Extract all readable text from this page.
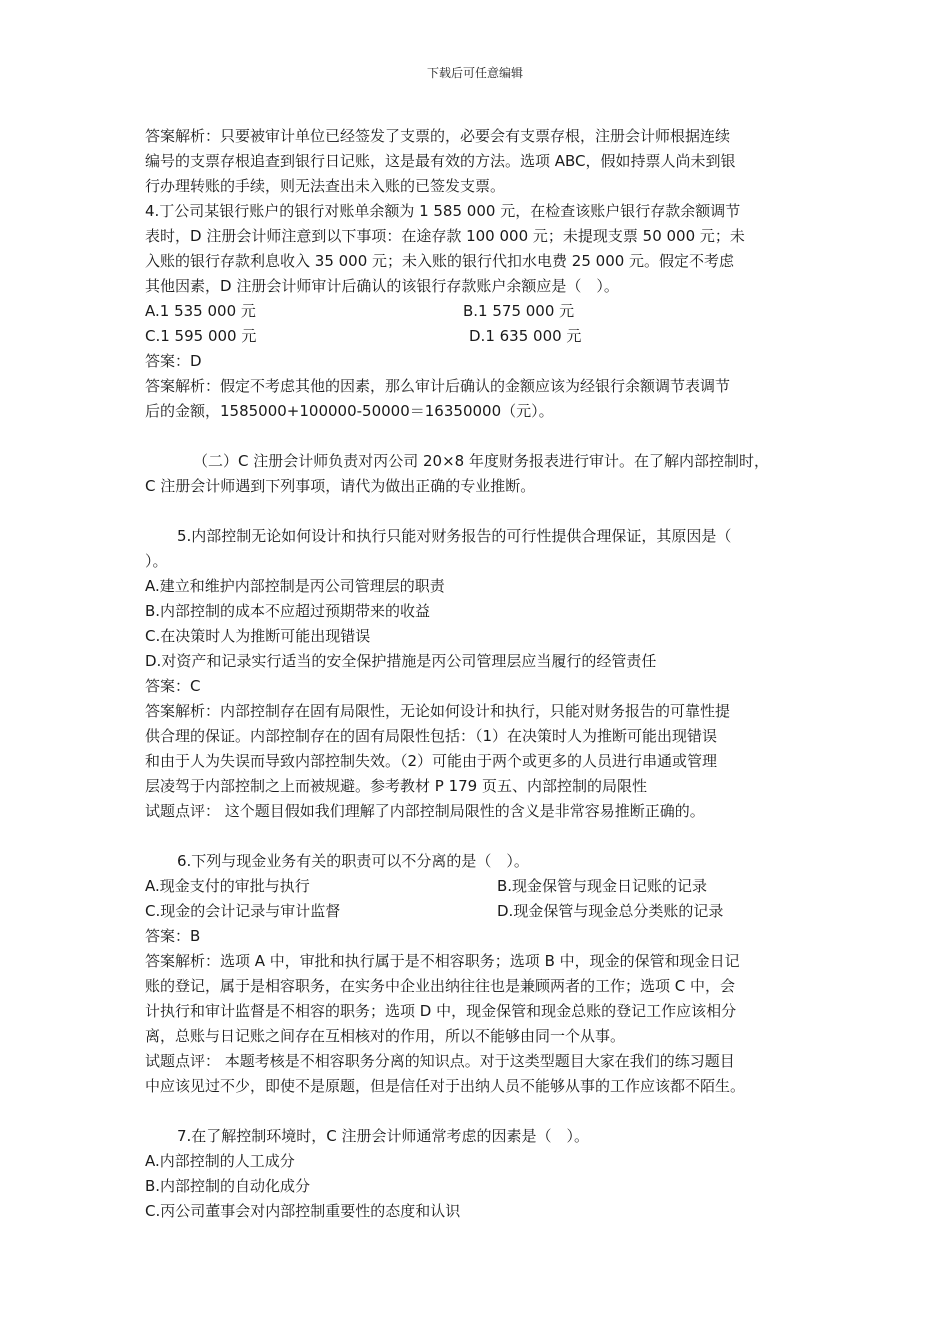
下载后可任意编辑

答案解析：只要被审计单位已经签发了支票的，必要会有支票存根，注册会计师根据连续

编号的支票存根追查到银行日记账，这是最有效的方法。选项 ABC，假如持票人尚未到银

行办理转账的手续，则无法查出未入账的已签发支票。

4.丁公司某银行账户的银行对账单余额为 1 585 000 元，在检查该账户银行存款余额调节

表时，D 注册会计师注意到以下事项：在途存款 100 000 元；未提现支票 50 000 元；未

入账的银行存款利息收入 35 000 元；未入账的银行代扣水电费 25 000 元。假定不考虑

其他因素，D 注册会计师审计后确认的该银行存款账户余额应是（　）。

A.1 535 000 元	B.1 575 000 元
C.1 595 000 元	D.1 635 000 元

答案：D

答案解析：假定不考虑其他的因素，那么审计后确认的金额应该为经银行余额调节表调节

后的金额，1585000+100000-50000＝16350000（元）。

（二）C 注册会计师负责对丙公司 20×8 年度财务报表进行审计。在了解内部控制时，

C 注册会计师遇到下列事项，请代为做出正确的专业推断。

5.内部控制无论如何设计和执行只能对财务报告的可行性提供合理保证，其原因是（

）。

A.建立和维护内部控制是丙公司管理层的职责

B.内部控制的成本不应超过预期带来的收益

C.在决策时人为推断可能出现错误

D.对资产和记录实行适当的安全保护措施是丙公司管理层应当履行的经管责任

答案：C

答案解析：内部控制存在固有局限性，无论如何设计和执行，只能对财务报告的可靠性提

供合理的保证。内部控制存在的固有局限性包括：（1）在决策时人为推断可能出现错误

和由于人为失误而导致内部控制失效。（2）可能由于两个或更多的人员进行串通或管理

层凌驾于内部控制之上而被规避。参考教材 P 179 页五、内部控制的局限性

试题点评： 这个题目假如我们理解了内部控制局限性的含义是非常容易推断正确的。

6.下列与现金业务有关的职责可以不分离的是（　）。

A.现金支付的审批与执行	B.现金保管与现金日记账的记录
C.现金的会计记录与审计监督	D.现金保管与现金总分类账的记录

答案：B

答案解析：选项 A 中，审批和执行属于是不相容职务；选项 B 中，现金的保管和现金日记

账的登记，属于是相容职务，在实务中企业出纳往往也是兼顾两者的工作；选项 C 中，会

计执行和审计监督是不相容的职务；选项 D 中，现金保管和现金总账的登记工作应该相分

离，总账与日记账之间存在互相核对的作用，所以不能够由同一个从事。

试题点评： 本题考核是不相容职务分离的知识点。对于这类型题目大家在我们的练习题目

中应该见过不少，即使不是原题，但是信任对于出纳人员不能够从事的工作应该都不陌生。

7.在了解控制环境时，C 注册会计师通常考虑的因素是（　）。

A.内部控制的人工成分

B.内部控制的自动化成分

C.丙公司董事会对内部控制重要性的态度和认识
